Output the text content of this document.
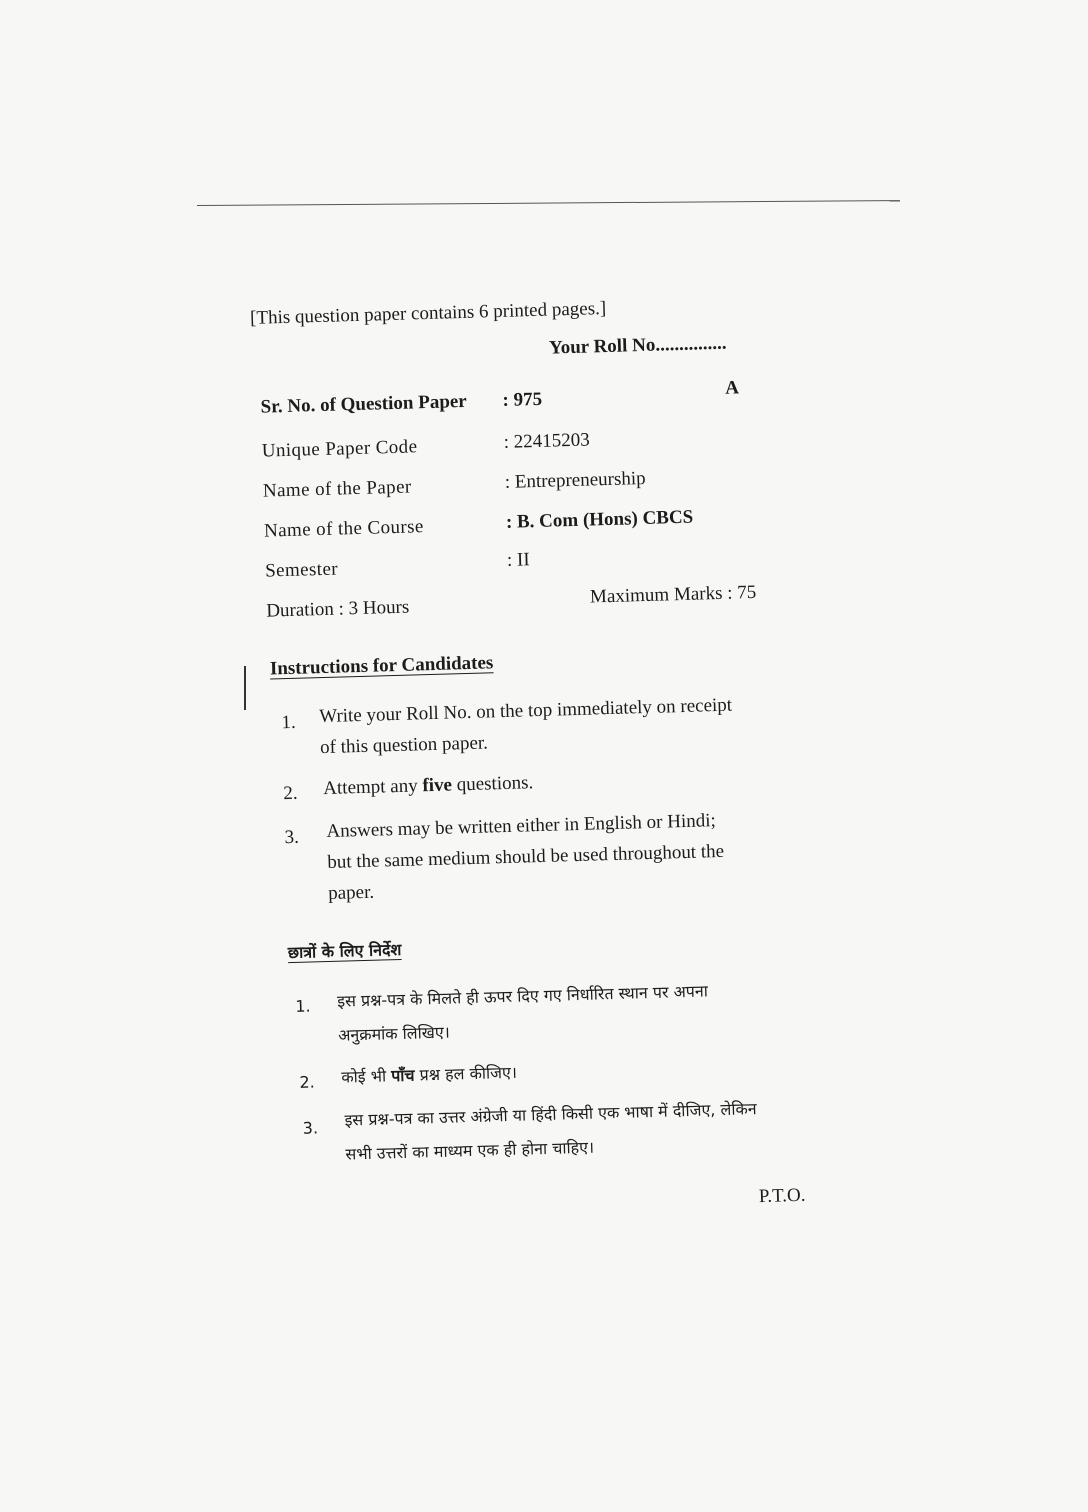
[This question paper contains 6 printed pages.]
Your Roll No...............
Sr. No. of Question Paper : 975
A
Unique Paper Code	: 22415203
Name of the Paper	: Entrepreneurship
Name of the Course	: B. Com (Hons) CBCS
Semester	: II
Duration : 3 Hours
Maximum Marks : 75
Instructions for Candidates
1. Write your Roll No. on the top immediately on receipt
of this question paper.
2. Attempt any five questions.
3. Answers may be written either in English or Hindi;
but the same medium should be used throughout the
paper.
छात्रों के लिए निर्देश
1. इस प्रश्न-पत्र के मिलते ही ऊपर दिए गए निर्धारित स्थान पर अपना
अनुक्रमांक लिखिए।
2. कोई भी पाँच प्रश्न हल कीजिए।
3. इस प्रश्न-पत्र का उत्तर अंग्रेजी या हिंदी किसी एक भाषा में दीजिए, लेकिन
सभी उत्तरों का माध्यम एक ही होना चाहिए।
P.T.O.
